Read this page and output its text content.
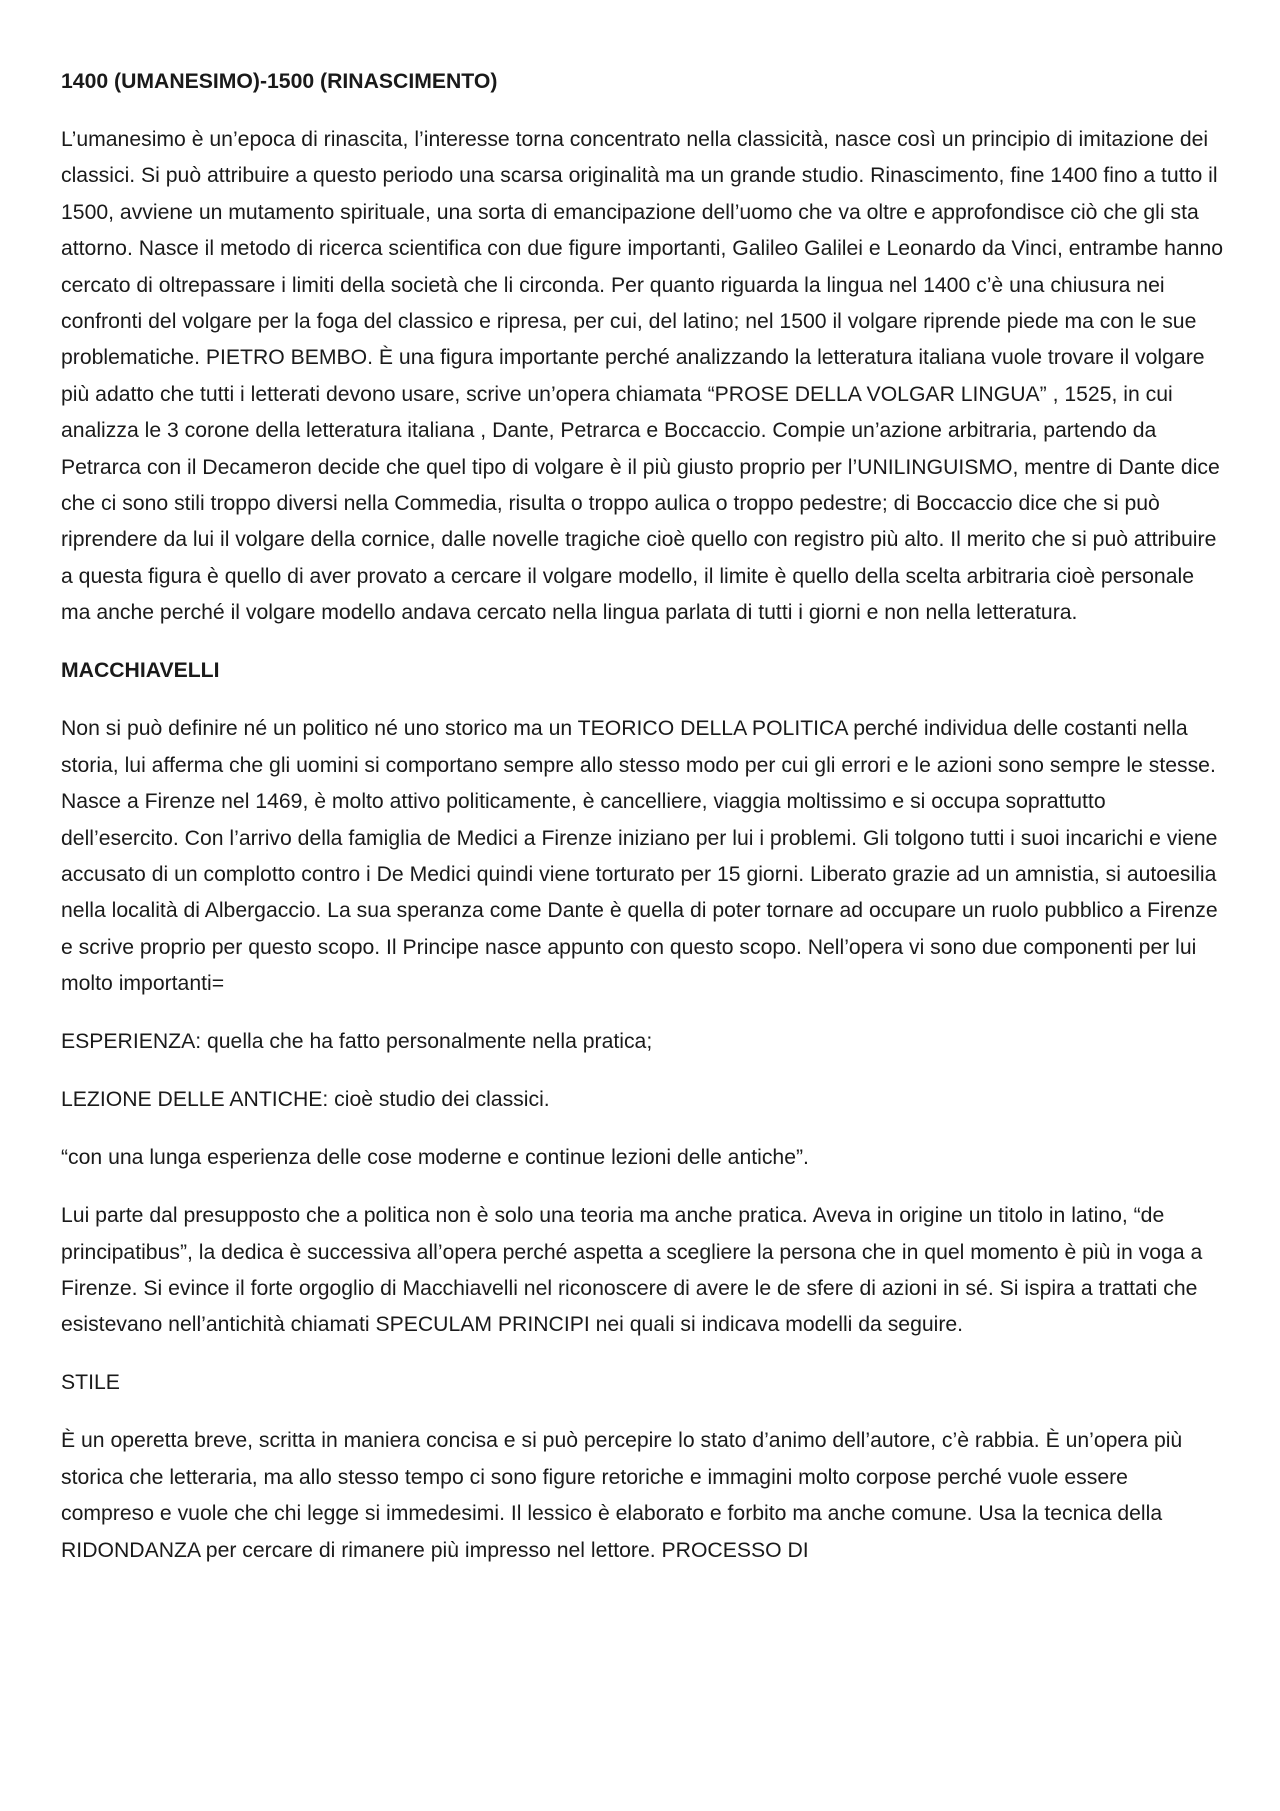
1400 (UMANESIMO)-1500 (RINASCIMENTO)

L’umanesimo è un’epoca di rinascita, l’interesse torna concentrato nella classicità, nasce così un principio di imitazione dei classici. Si può attribuire a questo periodo una scarsa originalità ma un grande studio. Rinascimento, fine 1400 fino a tutto il 1500, avviene un mutamento spirituale, una sorta di emancipazione dell’uomo che va oltre e approfondisce ciò che gli sta attorno. Nasce il metodo di ricerca scientifica con due figure importanti, Galileo Galilei e Leonardo da Vinci, entrambe hanno cercato di oltrepassare i limiti della società che li circonda. Per quanto riguarda la lingua nel 1400 c’è una chiusura nei confronti del volgare per la foga del classico e ripresa, per cui, del latino; nel 1500 il volgare riprende piede ma con le sue problematiche. PIETRO BEMBO. È una figura importante perché analizzando la letteratura italiana vuole trovare il volgare più adatto che tutti i letterati devono usare, scrive un’opera chiamata “PROSE DELLA VOLGAR LINGUA” , 1525, in cui analizza le 3 corone della letteratura italiana , Dante, Petrarca e Boccaccio. Compie un’azione arbitraria, partendo da Petrarca con il Decameron decide che quel tipo di volgare è il più giusto proprio per l’UNILINGUISMO, mentre di Dante dice che ci sono stili troppo diversi nella Commedia, risulta o troppo aulica o troppo pedestre; di Boccaccio dice che si può riprendere da lui il volgare della cornice, dalle novelle tragiche cioè quello con registro più alto. Il merito che si può attribuire a questa figura è quello di aver provato a cercare il volgare modello, il limite è quello della scelta arbitraria cioè personale ma anche perché il volgare modello andava cercato nella lingua parlata di tutti i giorni e non nella letteratura.

MACCHIAVELLI

Non si può definire né un politico né uno storico ma un TEORICO DELLA POLITICA perché individua delle costanti nella storia, lui afferma che gli uomini si comportano sempre allo stesso modo per cui gli errori e le azioni sono sempre le stesse. Nasce a Firenze nel 1469, è molto attivo politicamente, è cancelliere, viaggia moltissimo e si occupa soprattutto dell’esercito. Con l’arrivo della famiglia de Medici a Firenze iniziano per lui i problemi. Gli tolgono tutti i suoi incarichi e viene accusato di un complotto contro i De Medici quindi viene torturato per 15 giorni. Liberato grazie ad un amnistia, si autoesilia nella località di Albergaccio. La sua speranza come Dante è quella di poter tornare ad occupare un ruolo pubblico a Firenze e scrive proprio per questo scopo. Il Principe nasce appunto con questo scopo. Nell’opera vi sono due componenti per lui molto importanti=

ESPERIENZA: quella che ha fatto personalmente nella pratica;

LEZIONE DELLE ANTICHE: cioè studio dei classici.

“con una lunga esperienza delle cose moderne e continue lezioni delle antiche”.

Lui parte dal presupposto che a politica non è solo una teoria ma anche pratica. Aveva in origine un titolo in latino, “de principatibus”, la dedica è successiva all’opera perché aspetta a scegliere la persona che in quel momento è più in voga a Firenze. Si evince il forte orgoglio di Macchiavelli nel riconoscere di avere le de sfere di azioni in sé. Si ispira a trattati che esistevano nell’antichità chiamati SPECULAM PRINCIPI nei quali si indicava modelli da seguire.

STILE

È un operetta breve, scritta in maniera concisa e si può percepire lo stato d’animo dell’autore, c’è rabbia. È un’opera più storica che letteraria, ma allo stesso tempo ci sono figure retoriche e immagini molto corpose perché vuole essere compreso e vuole che chi legge si immedesimi. Il lessico è elaborato e forbito ma anche comune. Usa la tecnica della RIDONDANZA per cercare di rimanere più impresso nel lettore. PROCESSO DI
